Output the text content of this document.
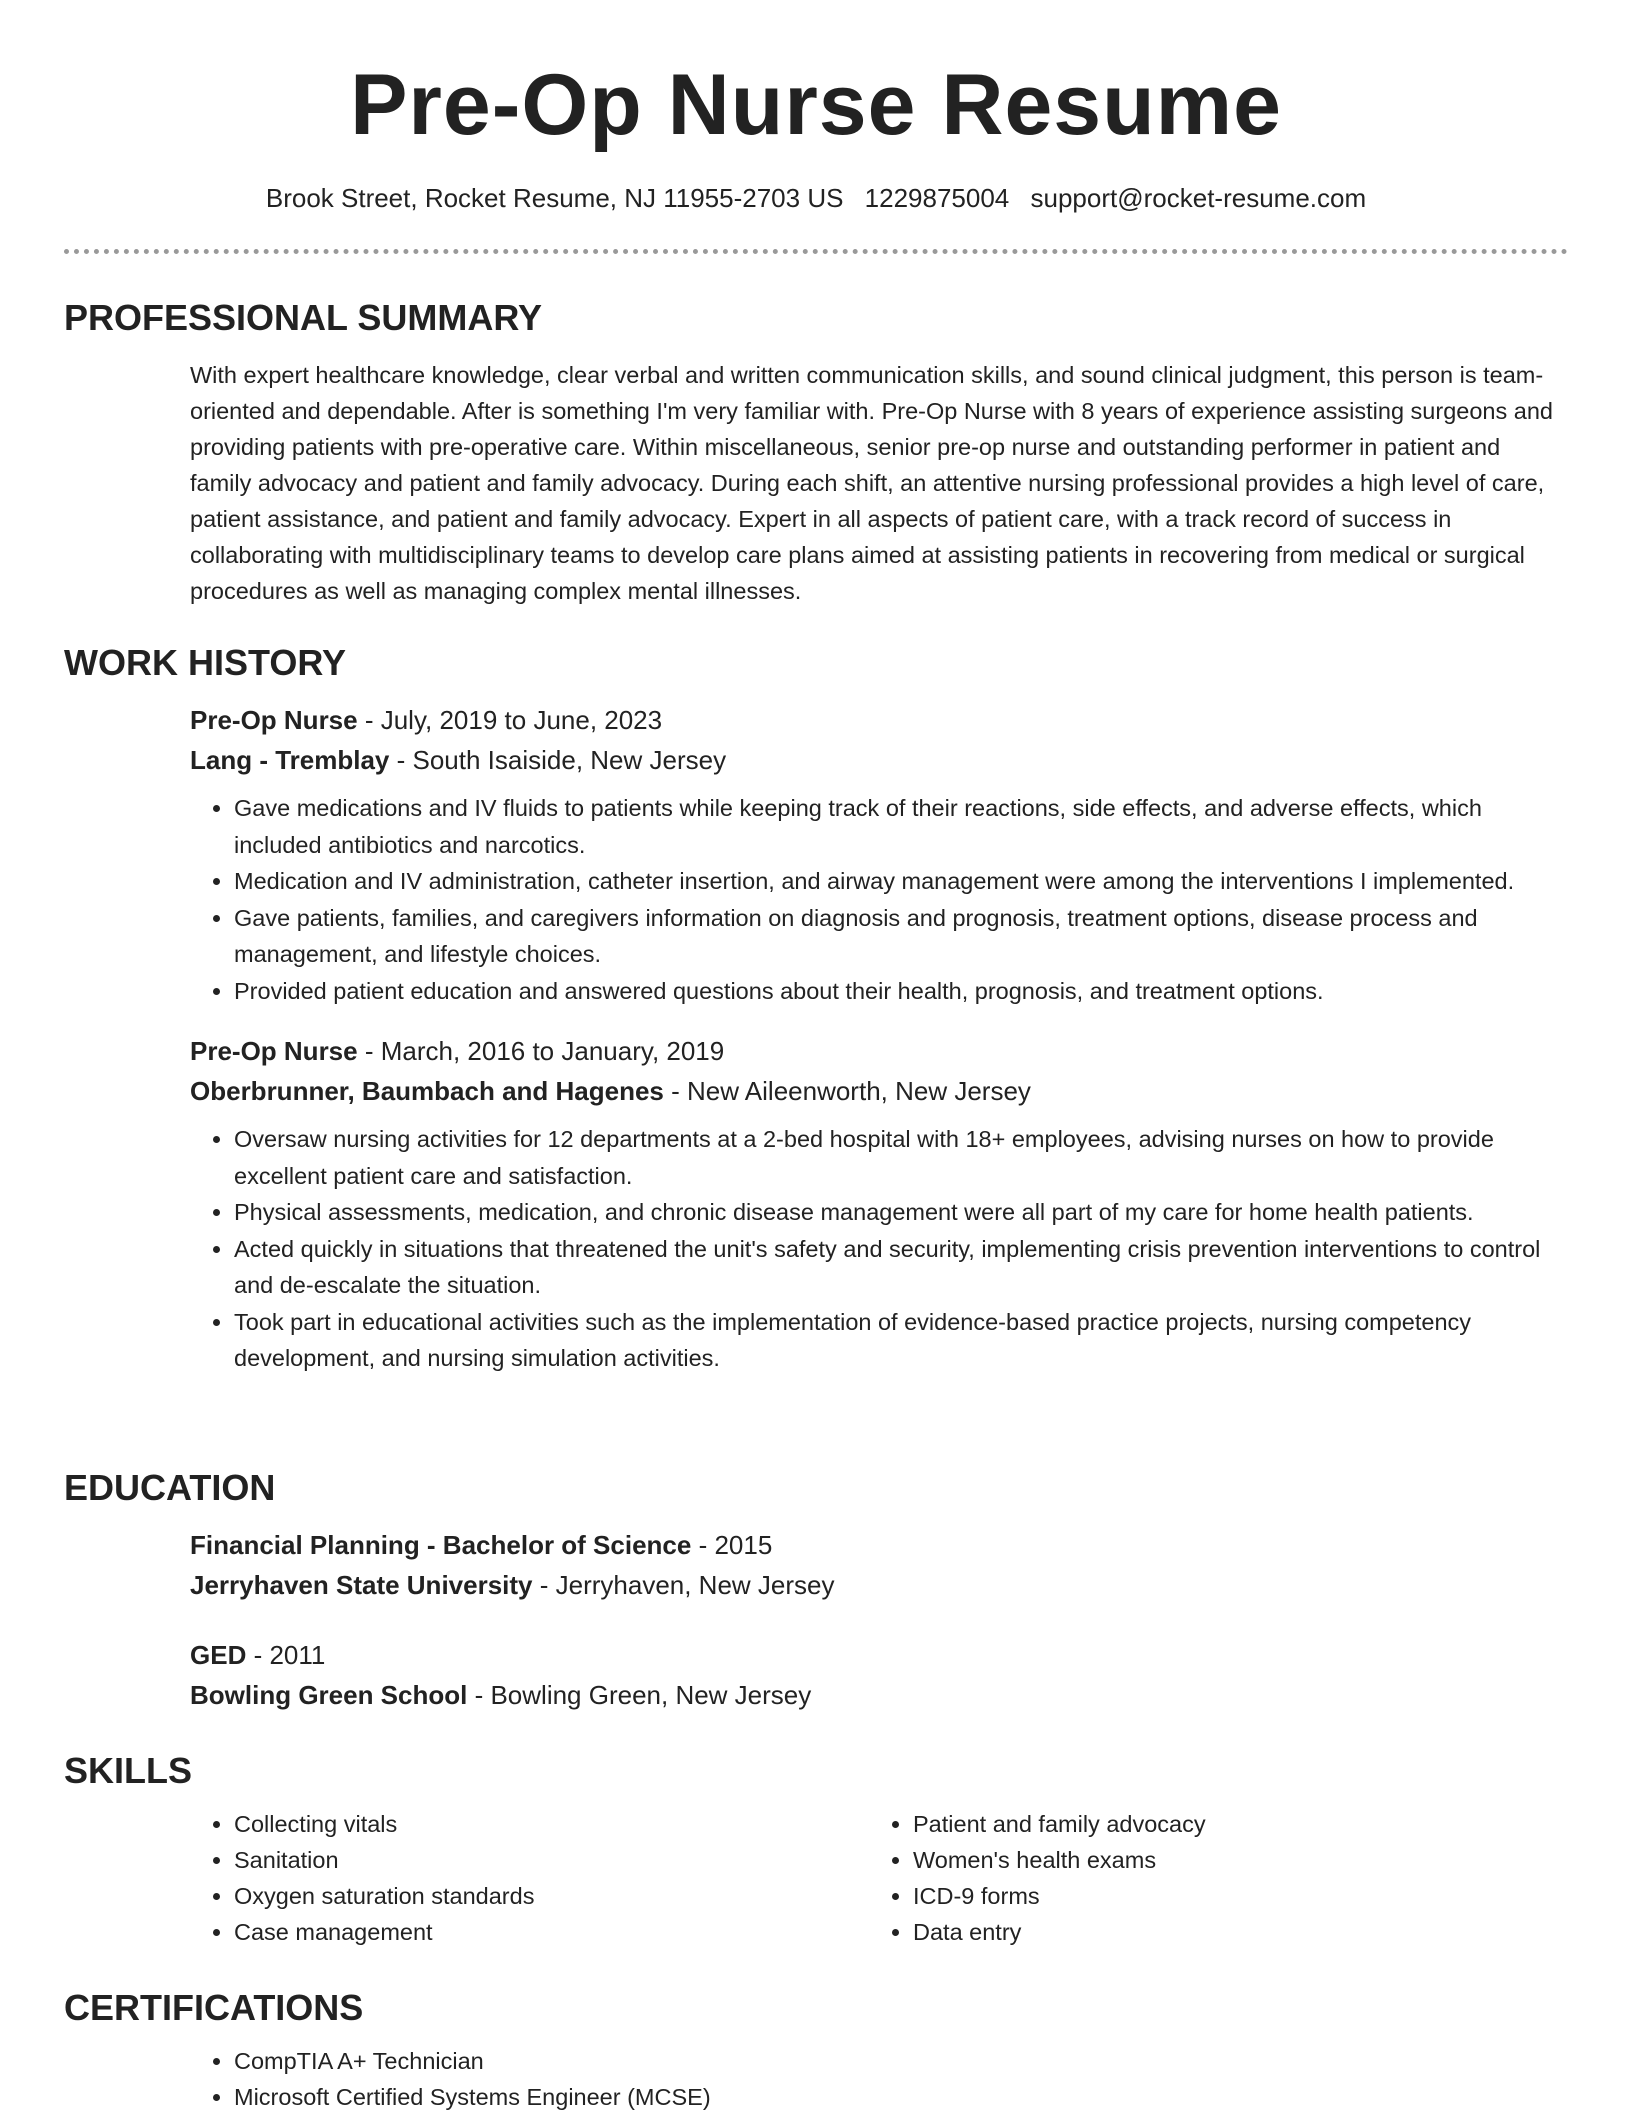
Pre-Op Nurse Resume
Brook Street, Rocket Resume, NJ 11955-2703 US 1229875004 support@rocket-resume.com
PROFESSIONAL SUMMARY

With expert healthcare knowledge, clear verbal and written communication skills, and sound clinical judgment, this person is team-oriented and dependable. After is something I'm very familiar with. Pre-Op Nurse with 8 years of experience assisting surgeons and providing patients with pre-operative care. Within miscellaneous, senior pre-op nurse and outstanding performer in patient and family advocacy and patient and family advocacy. During each shift, an attentive nursing professional provides a high level of care, patient assistance, and patient and family advocacy. Expert in all aspects of patient care, with a track record of success in collaborating with multidisciplinary teams to develop care plans aimed at assisting patients in recovering from medical or surgical procedures as well as managing complex mental illnesses.

WORK HISTORY
Pre-Op Nurse - July, 2019 to June, 2023
Lang - Tremblay - South Isaiside, New Jersey
• Gave medications and IV fluids to patients while keeping track of their reactions, side effects, and adverse effects, which included antibiotics and narcotics.
• Medication and IV administration, catheter insertion, and airway management were among the interventions I implemented.
• Gave patients, families, and caregivers information on diagnosis and prognosis, treatment options, disease process and management, and lifestyle choices.
• Provided patient education and answered questions about their health, prognosis, and treatment options.
Pre-Op Nurse - March, 2016 to January, 2019
Oberbrunner, Baumbach and Hagenes - New Aileenworth, New Jersey
• Oversaw nursing activities for 12 departments at a 2-bed hospital with 18+ employees, advising nurses on how to provide excellent patient care and satisfaction.
• Physical assessments, medication, and chronic disease management were all part of my care for home health patients.
• Acted quickly in situations that threatened the unit's safety and security, implementing crisis prevention interventions to control and de-escalate the situation.
• Took part in educational activities such as the implementation of evidence-based practice projects, nursing competency development, and nursing simulation activities.
EDUCATION
Financial Planning - Bachelor of Science - 2015
Jerryhaven State University - Jerryhaven, New Jersey
GED - 2011
Bowling Green School - Bowling Green, New Jersey
SKILLS
• Collecting vitals
• Sanitation
• Oxygen saturation standards
• Case management
• Patient and family advocacy
• Women's health exams
• ICD-9 forms
• Data entry
CERTIFICATIONS
• CompTIA A+ Technician
• Microsoft Certified Systems Engineer (MCSE)
